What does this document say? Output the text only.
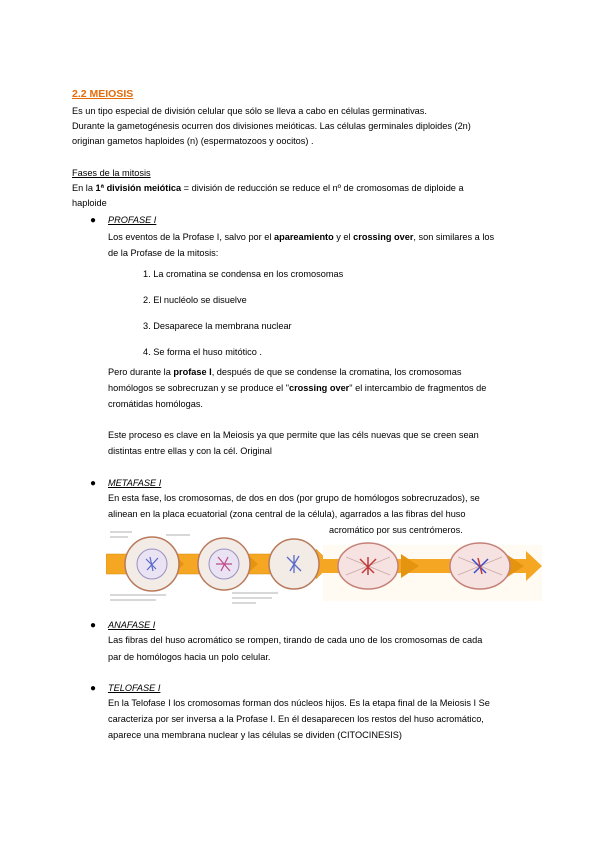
2.2 MEIOSIS
Es un tipo especial de división celular que sólo se lleva a cabo en células germinativas.
Durante la gametogénesis ocurren dos divisiones meióticas. Las células germinales diploides (2n)
originan gametos haploides (n) (espermatozoos y oocitos) .
Fases de la mitosis
En la 1ª división meiótica = división de reducción se reduce el nº de cromosomas de diploide a
haploide
● PROFASE I
Los eventos de la Profase I, salvo por el apareamiento y el crossing over, son similares a los
de la Profase de la mitosis:
1. La cromatina se condensa en los cromosomas
2. El nucléolo se disuelve
3. Desaparece la membrana nuclear
4. Se forma el huso mitótico .
Pero durante la profase I, después de que se condense la cromatina, los cromosomas
homólogos se sobrecruzan y se produce el "crossing over" el intercambio de fragmentos de
cromátidas homólogas.
Este proceso es clave en la Meiosis ya que permite que las céls nuevas que se creen sean
distintas entre ellas y con la cél. Original
● METAFASE I
En esta fase, los cromosomas, de dos en dos (por grupo de homólogos sobrecruzados), se
alinean en la placa ecuatorial (zona central de la célula), agarrados a las fibras del huso
acromático por sus centrómeros.
● ANAFASE I
Las fibras del huso acromático se rompen, tirando de cada uno de los cromosomas de cada
par de homólogos hacia un polo celular.
● TELOFASE I
En la Telofase I los cromosomas forman dos núcleos hijos. Es la etapa final de la Meiosis I Se
caracteriza por ser inversa a la Profase I. En él desaparecen los restos del huso acromático,
aparece una membrana nuclear y las células se dividen (CITOCINESIS)
